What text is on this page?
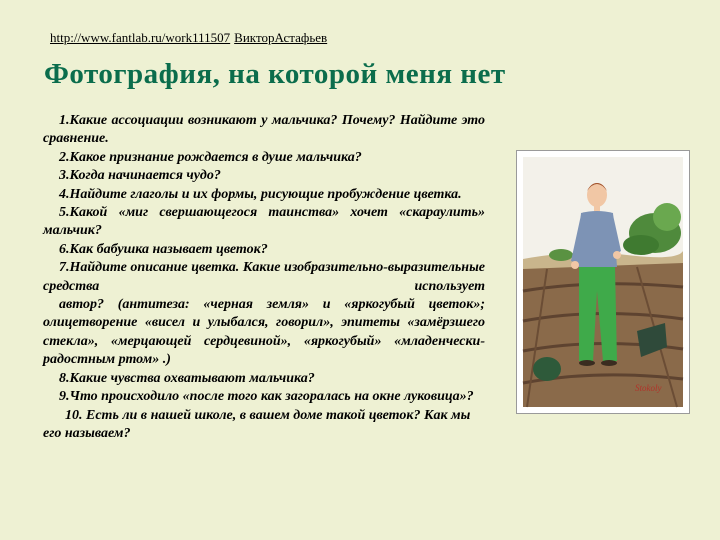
http://www.fantlab.ru/work111507 ВикторАстафьев
Фотография, на которой меня нет
1.Какие ассоциации возникают у мальчика? Почему? Найдите это сравнение.
2.Какое признание рождается в душе мальчика?
3.Когда начинается чудо?
4.Найдите глаголы и их формы, рисующие пробуждение цветка.
5.Какой «миг свершающегося таинства» хочет «скараулить» мальчик?
6.Как бабушка называет цветок?
7.Найдите описание цветка. Какие изобразительно-выразительные средства использует
автор? (антитеза: «черная земля» и «яркогубый цветок»; олицетворение «висел и улыбался, говорил», эпитеты «замёрзшего стекла», «мерцающей сердцевиной», «яркогубый» «младенчески-радостным ртом» .)
8.Какие чувства охватывают мальчика?
9.Что происходило «после того как загоралась на окне луковица»?
10. Есть ли в нашей школе, в вашем доме такой цветок? Как мы его называем?
Stokoly
